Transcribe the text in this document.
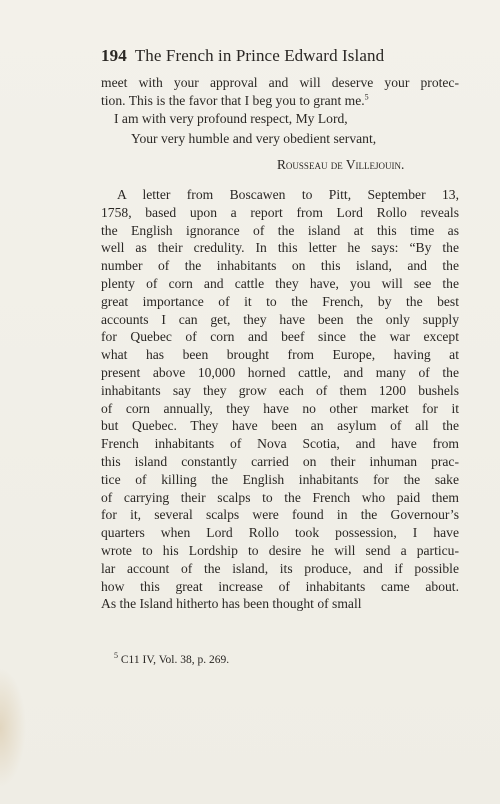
194 The French in Prince Edward Island
meet with your approval and will deserve your protec-
tion. This is the favor that I beg you to grant me.$^5$
I am with very profound respect, My Lord,
Your very humble and very obedient servant,
Rousseau de Villejouin.
A letter from Boscawen to Pitt, September 13,
1758, based upon a report from Lord Rollo reveals
the English ignorance of the island at this time as
well as their credulity. In this letter he says: “By the
number of the inhabitants on this island, and the
plenty of corn and cattle they have, you will see the
great importance of it to the French, by the best
accounts I can get, they have been the only supply
for Quebec of corn and beef since the war except
what has been brought from Europe, having at
present above 10,000 horned cattle, and many of the
inhabitants say they grow each of them 1200 bushels
of corn annually, they have no other market for it
but Quebec. They have been an asylum of all the
French inhabitants of Nova Scotia, and have from
this island constantly carried on their inhuman prac-
tice of killing the English inhabitants for the sake
of carrying their scalps to the French who paid them
for it, several scalps were found in the Governour’s
quarters when Lord Rollo took possession, I have
wrote to his Lordship to desire he will send a particu-
lar account of the island, its produce, and if possible
how this great increase of inhabitants came about.
As the Island hitherto has been thought of small
$^5$ C11 IV, Vol. 38, p. 269.
